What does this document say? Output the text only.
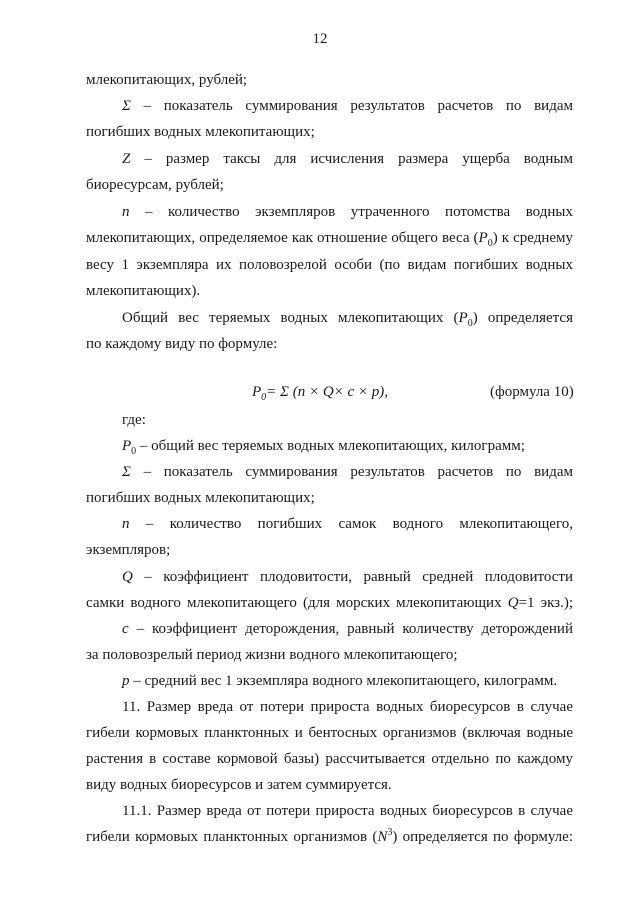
12
млекопитающих, рублей;
Σ – показатель суммирования результатов расчетов по видам
погибших водных млекопитающих;
Z – размер таксы для исчисления размера ущерба водным
биоресурсам, рублей;
n – количество экземпляров утраченного потомства водных
млекопитающих, определяемое как отношение общего веса $(P_0)$ к среднему
весу 1 экземпляра их половозрелой особи (по видам погибших водных
млекопитающих).
Общий вес теряемых водных млекопитающих $(P_0)$ определяется
по каждому виду по формуле:
$P_0= \Sigma$ (n × Q× c × p),	(формула 10)
где:
$P_0$ – общий вес теряемых водных млекопитающих, килограмм;
Σ – показатель суммирования результатов расчетов по видам
погибших водных млекопитающих;
n – количество погибших самок водного млекопитающего,
экземпляров;
Q – коэффициент плодовитости, равный средней плодовитости
самки водного млекопитающего (для морских млекопитающих Q=1 экз.);
c – коэффициент деторождения, равный количеству деторождений
за половозрелый период жизни водного млекопитающего;
p – средний вес 1 экземпляра водного млекопитающего, килограмм.
11. Размер вреда от потери прироста водных биоресурсов в случае
гибели кормовых планктонных и бентосных организмов (включая водные
растения в составе кормовой базы) рассчитывается отдельно по каждому
виду водных биоресурсов и затем суммируется.
11.1. Размер вреда от потери прироста водных биоресурсов в случае
гибели кормовых планктонных организмов $(N^3)$ определяется по формуле:
